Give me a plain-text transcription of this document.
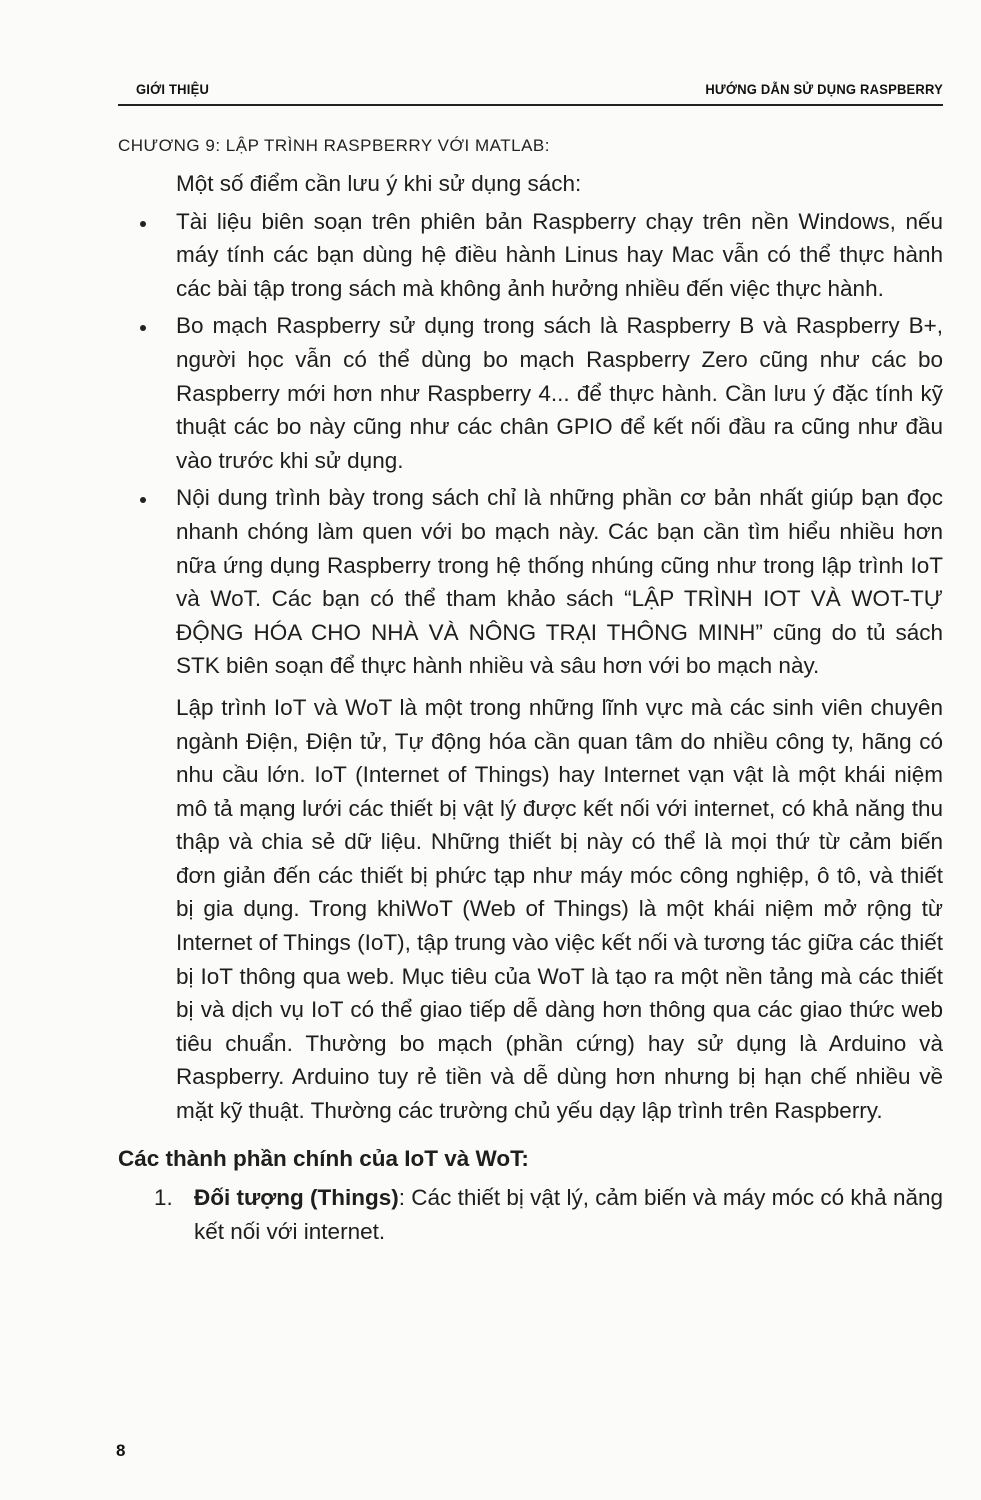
GIỚI THIỆU	HƯỚNG DẪN SỬ DỤNG RASPBERRY
CHƯƠNG 9: LẬP TRÌNH RASPBERRY VỚI MATLAB:
Một số điểm cần lưu ý khi sử dụng sách:
Tài liệu biên soạn trên phiên bản Raspberry chạy trên nền Windows, nếu máy tính các bạn dùng hệ điều hành Linus hay Mac vẫn có thể thực hành các bài tập trong sách mà không ảnh hưởng nhiều đến việc thực hành.
Bo mạch Raspberry sử dụng trong sách là Raspberry B và Raspberry B+, người học vẫn có thể dùng bo mạch Raspberry Zero cũng như các bo Raspberry mới hơn như Raspberry 4... để thực hành. Cần lưu ý đặc tính kỹ thuật các bo này cũng như các chân GPIO để kết nối đầu ra cũng như đầu vào trước khi sử dụng.
Nội dung trình bày trong sách chỉ là những phần cơ bản nhất giúp bạn đọc nhanh chóng làm quen với bo mạch này. Các bạn cần tìm hiểu nhiều hơn nữa ứng dụng Raspberry trong hệ thống nhúng cũng như trong lập trình IoT và WoT. Các bạn có thể tham khảo sách “LẬP TRÌNH IOT VÀ WOT-TỰ ĐỘNG HÓA CHO NHÀ VÀ NÔNG TRẠI THÔNG MINH” cũng do tủ sách STK biên soạn để thực hành nhiều và sâu hơn với bo mạch này.

Lập trình IoT và WoT là một trong những lĩnh vực mà các sinh viên chuyên ngành Điện, Điện tử, Tự động hóa cần quan tâm do nhiều công ty, hãng có nhu cầu lớn. IoT (Internet of Things) hay Internet vạn vật là một khái niệm mô tả mạng lưới các thiết bị vật lý được kết nối với internet, có khả năng thu thập và chia sẻ dữ liệu. Những thiết bị này có thể là mọi thứ từ cảm biến đơn giản đến các thiết bị phức tạp như máy móc công nghiệp, ô tô, và thiết bị gia dụng. Trong khiWoT (Web of Things) là một khái niệm mở rộng từ Internet of Things (IoT), tập trung vào việc kết nối và tương tác giữa các thiết bị IoT thông qua web. Mục tiêu của WoT là tạo ra một nền tảng mà các thiết bị và dịch vụ IoT có thể giao tiếp dễ dàng hơn thông qua các giao thức web tiêu chuẩn. Thường bo mạch (phần cứng) hay sử dụng là Arduino và Raspberry. Arduino tuy rẻ tiền và dễ dùng hơn nhưng bị hạn chế nhiều về mặt kỹ thuật. Thường các trường chủ yếu dạy lập trình trên Raspberry.

Các thành phần chính của IoT và WoT:
1. Đối tượng (Things): Các thiết bị vật lý, cảm biến và máy móc có khả năng kết nối với internet.
8
